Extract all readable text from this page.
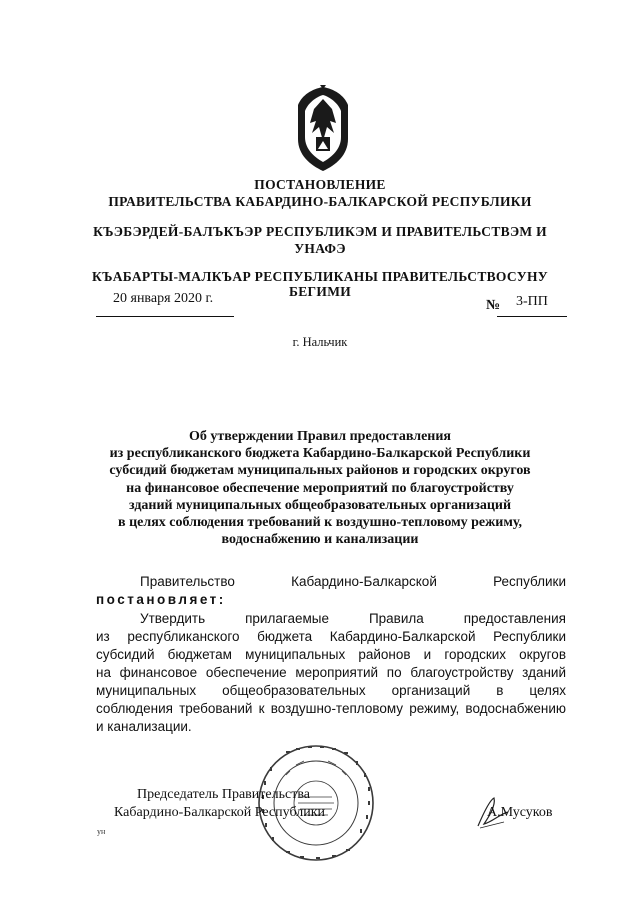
ПОСТАНОВЛЕНИЕ
ПРАВИТЕЛЬСТВА КАБАРДИНО-БАЛКАРСКОЙ РЕСПУБЛИКИ
КЪЭБЭРДЕЙ-БАЛЪКЪЭР РЕСПУБЛИКЭМ И ПРАВИТЕЛЬСТВЭМ И
УНАФЭ
КЪАБАРТЫ-МАЛКЪАР РЕСПУБЛИКАНЫ ПРАВИТЕЛЬСТВОСУНУ
БЕГИМИ
20 января 2020 г.	№ 3-ПП
г. Нальчик
Об утверждении Правил предоставления
из республиканского бюджета Кабардино-Балкарской Республики
субсидий бюджетам муниципальных районов и городских округов
на финансовое обеспечение мероприятий по благоустройству
зданий муниципальных общеобразовательных организаций
в целях соблюдения требований к воздушно-тепловому режиму,
водоснабжению и канализации
Правительство Кабардино-Балкарской Республики
постановляет:
Утвердить прилагаемые Правила предоставления
из республиканского бюджета Кабардино-Балкарской Республики
субсидий бюджетам муниципальных районов и городских округов
на финансовое обеспечение мероприятий по благоустройству зданий
муниципальных общеобразовательных организаций в целях
соблюдения требований к воздушно-тепловому режиму, водоснабжению
и канализации.
Председатель Правительства
Кабардино-Балкарской Республики	А.Мусуков
ун
